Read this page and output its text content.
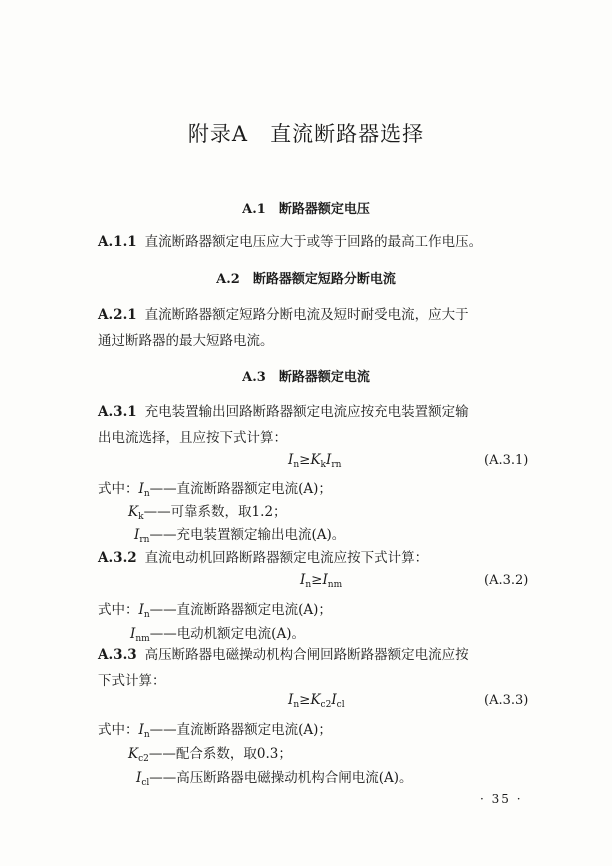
附录A　直流断路器选择
A.1　断路器额定电压
A.1.1 直流断路器额定电压应大于或等于回路的最高工作电压。
A.2　断路器额定短路分断电流
A.2.1 直流断路器额定短路分断电流及短时耐受电流，应大于
通过断路器的最大短路电流。
A.3　断路器额定电流
A.3.1 充电装置输出回路断路器额定电流应按充电装置额定输
出电流选择，且应按下式计算：
$I_n\ge K_kI_{rn}$	(A.3.1)
式中：$I_n——$直流断路器额定电流(A)；
$K_k——$可靠系数，取1.2；
$I_{rn}——$充电装置额定输出电流(A)。
A.3.2 直流电动机回路断路器额定电流应按下式计算：
$I_n\ge I_{nm}$	(A.3.2)
式中：$I_n——$直流断路器额定电流(A)；
$I_{nm}——$电动机额定电流(A)。
A.3.3 高压断路器电磁操动机构合闸回路断路器额定电流应按
下式计算：
$I_n\ge K_{c2}I_{cl}$	(A.3.3)
式中：$I_n——$直流断路器额定电流(A)；
$K_{c2}——$配合系数，取0.3；
$I_{cl}——$高压断路器电磁操动机构合闸电流(A)。
· 35 ·
